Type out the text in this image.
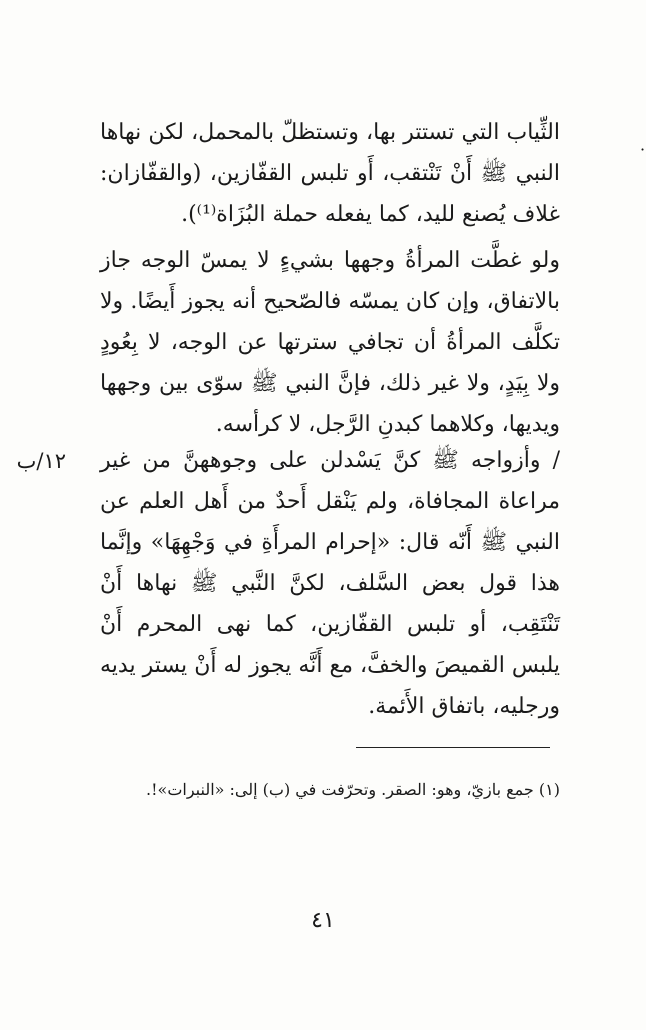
·

الثِّياب التي تستتر بها، وتستظلّ بالمحمل، لكن نهاها النبي ﷺ أَنْ تَنْتقب، أَو تلبس القفّازين، (والقفّازان: غلاف يُصنع لليد، كما يفعله حملة البُزَاة⁽¹⁾).

ولو غطَّت المرأةُ وجهها بشيءٍ لا يمسّ الوجه جاز بالاتفاق، وإن كان يمسّه فالصّحيح أنه يجوز أَيضًا. ولا تكلَّف المرأةُ أن تجافي سترتها عن الوجه، لا بِعُودٍ ولا بِيَدٍ، ولا غير ذلك، فإنَّ النبي ﷺ سوّى بين وجهها ويديها، وكلاهما كبدنِ الرَّجل، لا كرأسه.

/ وأزواجه ﷺ كنَّ يَسْدلن على وجوههنَّ من غير مراعاة المجافاة، ولم يَنْقل أَحدٌ من أَهل العلم عن النبي ﷺ أَنّه قال: «إحرام المرأَةِ في وَجْهِهَا» وإنَّما هذا قول بعض السَّلف، لكنَّ النَّبي ﷺ نهاها أَنْ تَنْتَقِب، أو تلبس القفّازين، كما نهى المحرم أَنْ يلبس القميصَ والخفَّ، مع أَنَّه يجوز له أَنْ يستر يديه ورجليه، باتفاق الأَئمة.

١٢/ب
(١) جمع بازيّ، وهو: الصقر. وتحرّفت في (ب) إلى: «النبرات»!.
٤١
